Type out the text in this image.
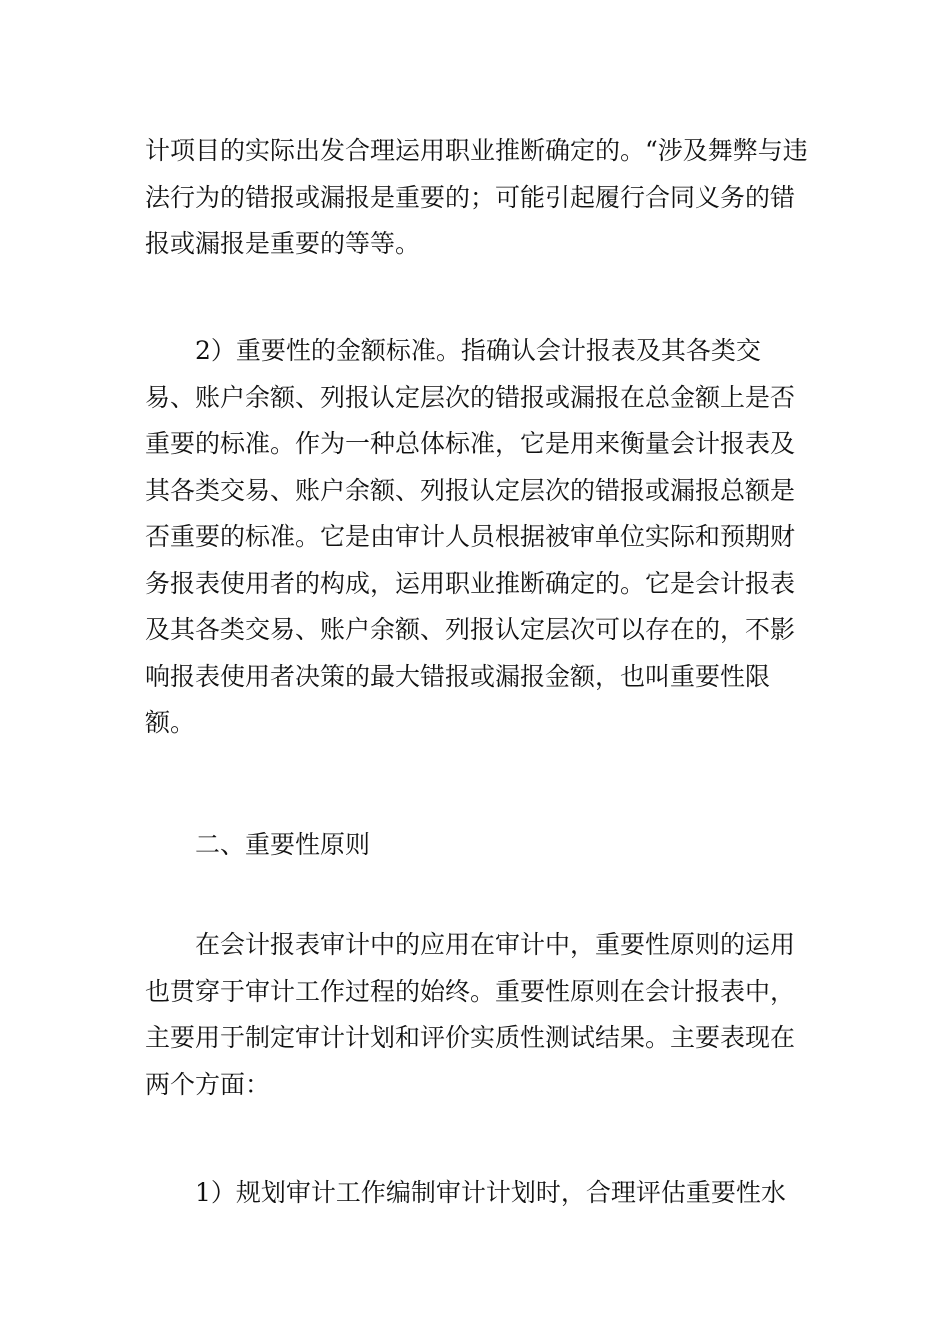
计项目的实际出发合理运用职业推断确定的。“涉及舞弊与违法行为的错报或漏报是重要的；可能引起履行合同义务的错报或漏报是重要的等等。

2）重要性的金额标准。指确认会计报表及其各类交易、账户余额、列报认定层次的错报或漏报在总金额上是否重要的标准。作为一种总体标准，它是用来衡量会计报表及其各类交易、账户余额、列报认定层次的错报或漏报总额是否重要的标准。它是由审计人员根据被审单位实际和预期财务报表使用者的构成，运用职业推断确定的。它是会计报表及其各类交易、账户余额、列报认定层次可以存在的，不影响报表使用者决策的最大错报或漏报金额，也叫重要性限额。

二、重要性原则

在会计报表审计中的应用在审计中，重要性原则的运用也贯穿于审计工作过程的始终。重要性原则在会计报表中，主要用于制定审计计划和评价实质性测试结果。主要表现在两个方面：

1）规划审计工作编制审计计划时，合理评估重要性水
